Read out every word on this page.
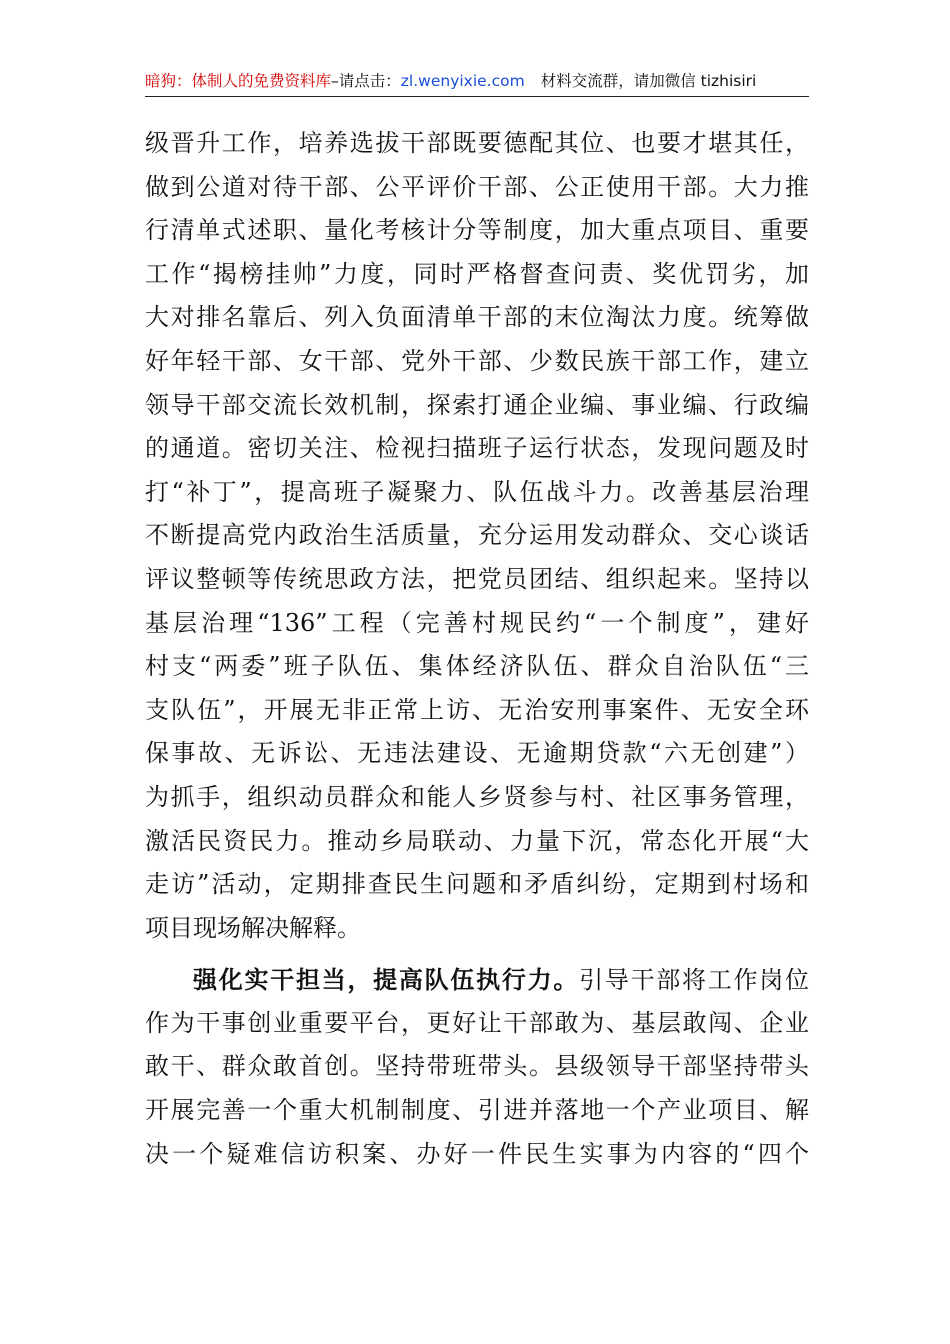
暗狗：体制人的免费资料库–请点击：zl.wenyixie.com 材料交流群，请加微信 tizhisiri
级晋升工作，培养选拔干部既要德配其位、也要才堪其任，
做到公道对待干部、公平评价干部、公正使用干部。大力推
行清单式述职、量化考核计分等制度，加大重点项目、重要
工作“揭榜挂帅”力度，同时严格督查问责、奖优罚劣，加
大对排名靠后、列入负面清单干部的末位淘汰力度。统筹做
好年轻干部、女干部、党外干部、少数民族干部工作，建立
领导干部交流长效机制，探索打通企业编、事业编、行政编
的通道。密切关注、检视扫描班子运行状态，发现问题及时
打“补丁”，提高班子凝聚力、队伍战斗力。改善基层治理
不断提高党内政治生活质量，充分运用发动群众、交心谈话
评议整顿等传统思政方法，把党员团结、组织起来。坚持以
基层治理“136”工程（完善村规民约“一个制度”，建好
村支“两委”班子队伍、集体经济队伍、群众自治队伍“三
支队伍”，开展无非正常上访、无治安刑事案件、无安全环
保事故、无诉讼、无违法建设、无逾期贷款“六无创建”）
为抓手，组织动员群众和能人乡贤参与村、社区事务管理，
激活民资民力。推动乡局联动、力量下沉，常态化开展“大
走访”活动，定期排查民生问题和矛盾纠纷，定期到村场和
项目现场解决解释。
强化实干担当，提高队伍执行力。引导干部将工作岗位
作为干事创业重要平台，更好让干部敢为、基层敢闯、企业
敢干、群众敢首创。坚持带班带头。县级领导干部坚持带头
开展完善一个重大机制制度、引进并落地一个产业项目、解
决一个疑难信访积案、办好一件民生实事为内容的“四个
